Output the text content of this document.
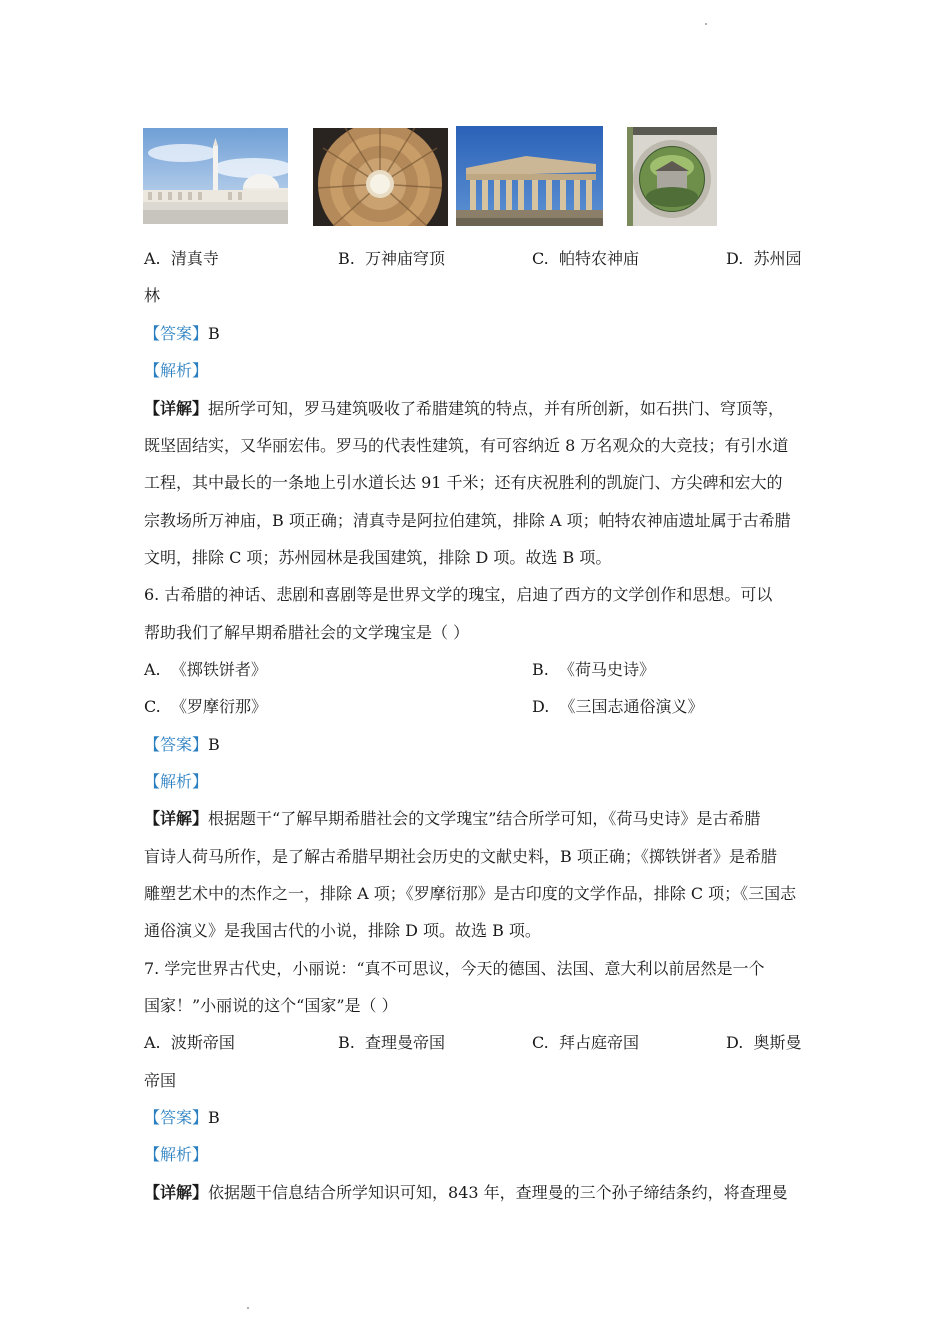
A. 清真寺	B. 万神庙穹顶	C. 帕特农神庙	D. 苏州园
林
【答案】B
【解析】
【详解】据所学可知，罗马建筑吸收了希腊建筑的特点，并有所创新，如石拱门、穹顶等，
既坚固结实，又华丽宏伟。罗马的代表性建筑，有可容纳近 8 万名观众的大竞技；有引水道
工程，其中最长的一条地上引水道长达 91 千米；还有庆祝胜利的凯旋门、方尖碑和宏大的
宗教场所万神庙，B 项正确；清真寺是阿拉伯建筑，排除 A 项；帕特农神庙遗址属于古希腊
文明，排除 C 项；苏州园林是我国建筑，排除 D 项。故选 B 项。
6. 古希腊的神话、悲剧和喜剧等是世界文学的瑰宝，启迪了西方的文学创作和思想。可以
帮助我们了解早期希腊社会的文学瑰宝是（ ）
A. 《掷铁饼者》	B. 《荷马史诗》
C. 《罗摩衍那》	D. 《三国志通俗演义》
【答案】B
【解析】
【详解】根据题干“了解早期希腊社会的文学瑰宝”结合所学可知，《荷马史诗》是古希腊
盲诗人荷马所作，是了解古希腊早期社会历史的文献史料，B 项正确；《掷铁饼者》是希腊
雕塑艺术中的杰作之一，排除 A 项；《罗摩衍那》是古印度的文学作品，排除 C 项；《三国志
通俗演义》是我国古代的小说，排除 D 项。故选 B 项。
7. 学完世界古代史，小丽说：“真不可思议，今天的德国、法国、意大利以前居然是一个
国家！”小丽说的这个“国家”是（ ）
A. 波斯帝国	B. 查理曼帝国	C. 拜占庭帝国	D. 奥斯曼
帝国
【答案】B
【解析】
【详解】依据题干信息结合所学知识可知，843 年，查理曼的三个孙子缔结条约，将查理曼
